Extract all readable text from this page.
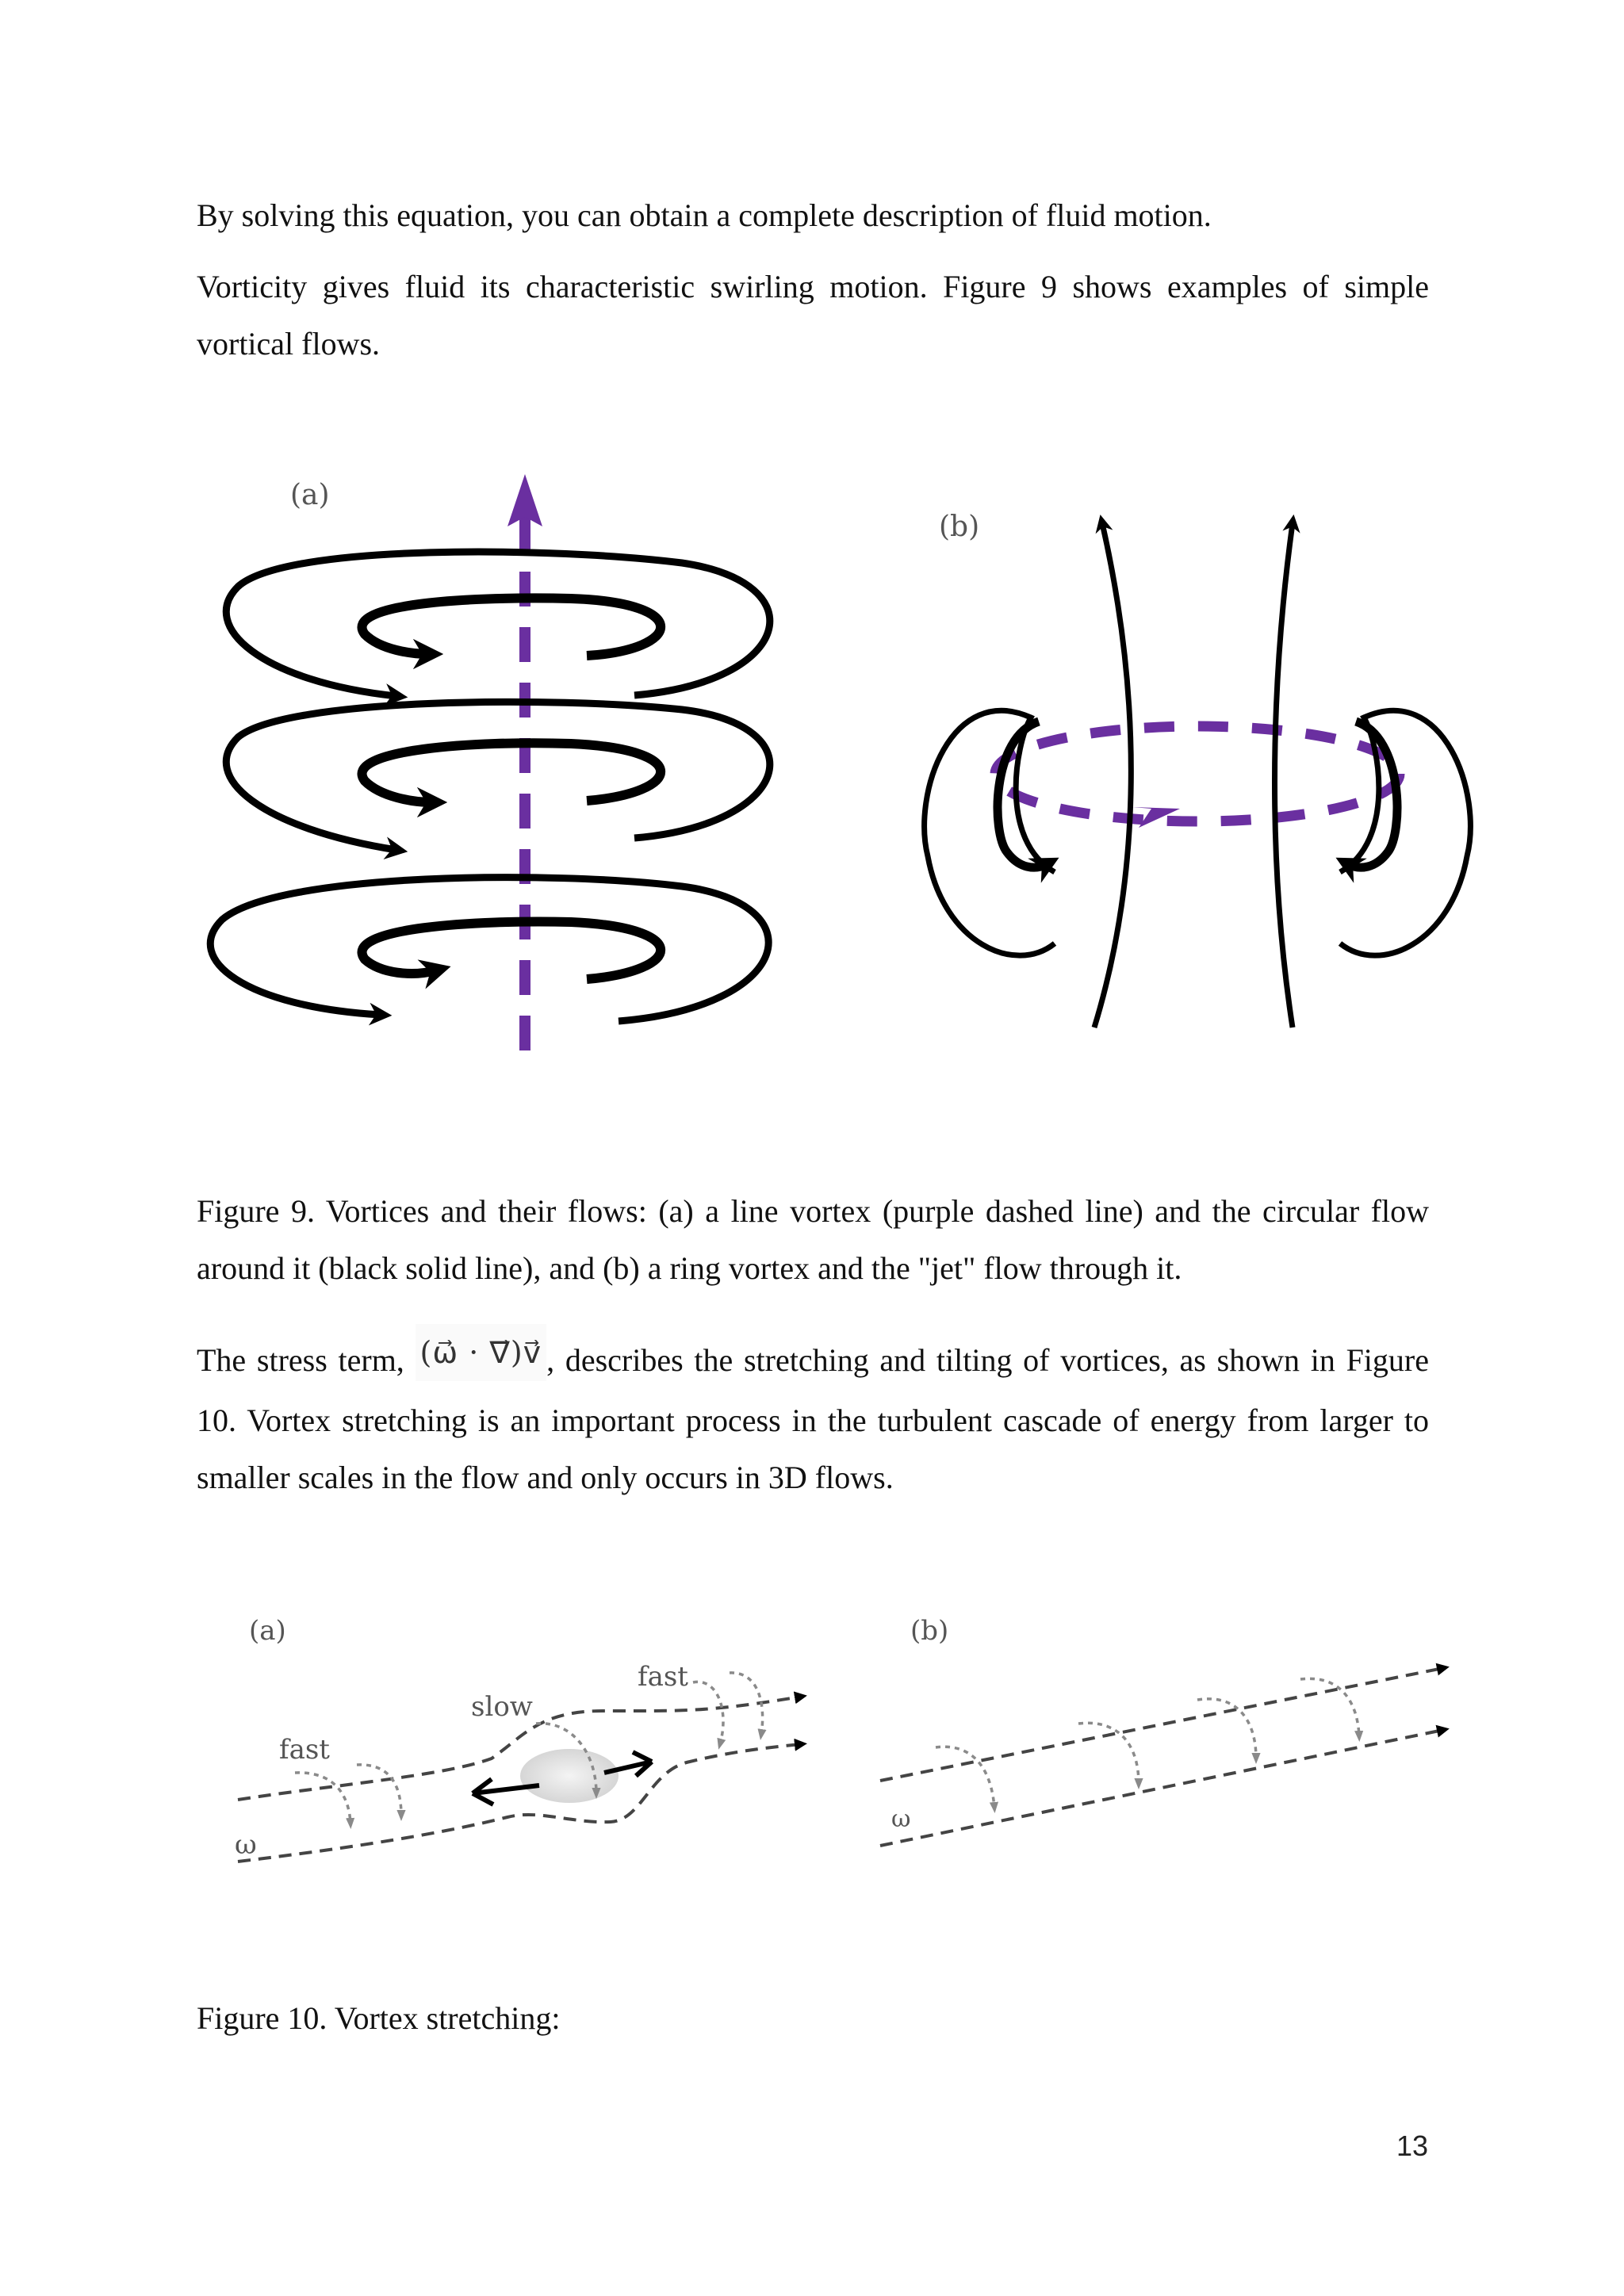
By solving this equation, you can obtain a complete description of fluid motion.

Vorticity gives fluid its characteristic swirling motion. Figure 9 shows examples of simple vortical flows.

(a)
(b)

Figure 9. Vortices and their flows: (a) a line vortex (purple dashed line) and the circular flow around it (black solid line), and (b) a ring vortex and the "jet" flow through it.

The stress term, (ω⃗ · ∇⃗)v⃗ , describes the stretching and tilting of vortices, as shown in Figure 10. Vortex stretching is an important process in the turbulent cascade of energy from larger to smaller scales in the flow and only occurs in 3D flows.

(a)	(b)
fast
slow
fast
ω
ω

Figure 10. Vortex stretching:

13
